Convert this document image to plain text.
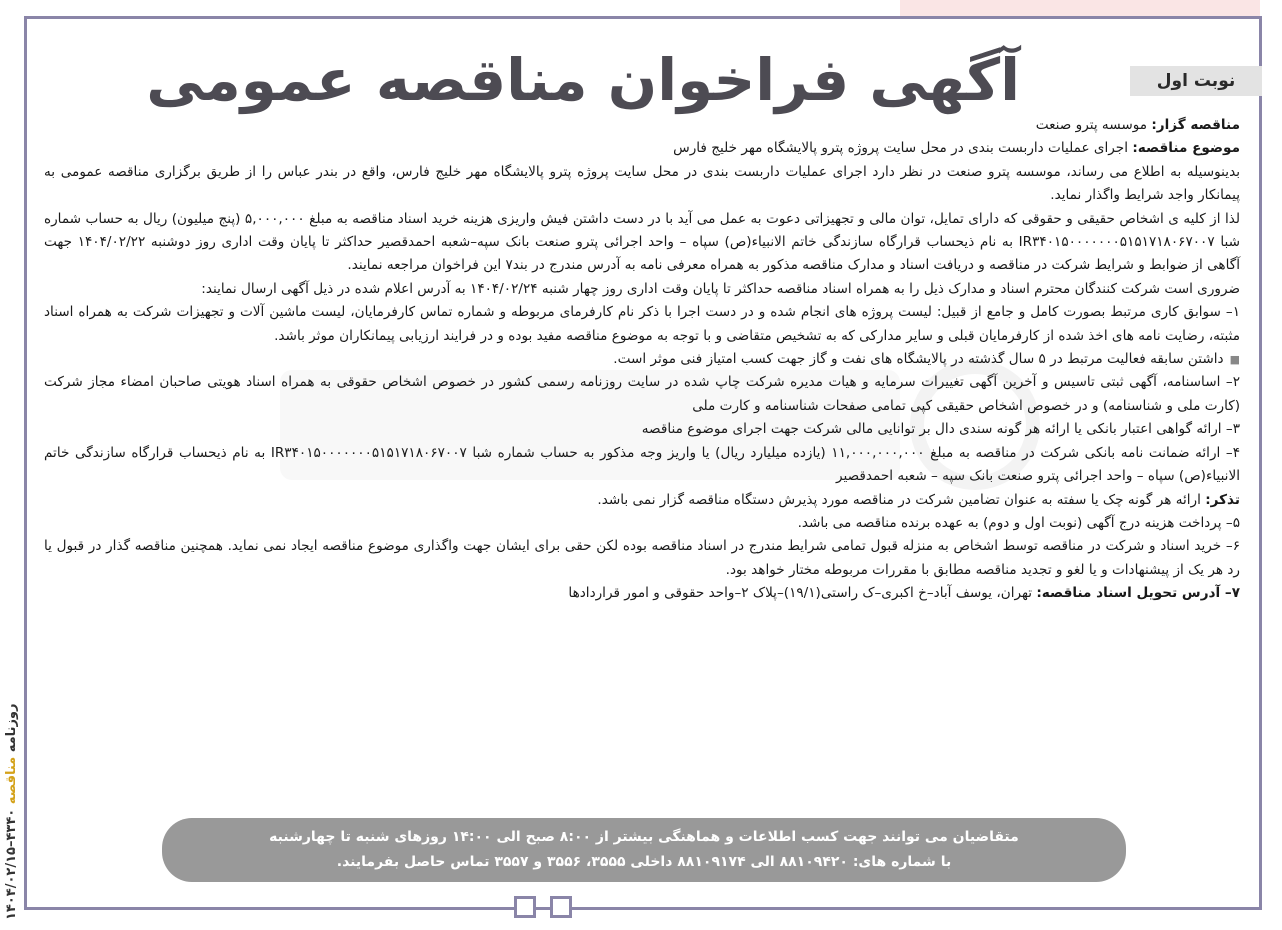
آگهی فراخوان مناقصه عمومی	نوبت اول

مناقصه گزار: موسسه پترو صنعت

موضوع مناقصه: اجرای عملیات داربست بندی در محل سایت پروژه پترو پالایشگاه مهر خلیج فارس

بدینوسیله به اطلاع می رساند، موسسه پترو صنعت در نظر دارد اجرای عملیات داربست بندی در محل سایت پروژه پترو پالایشگاه مهر خلیج فارس، واقع در بندر عباس را از طریق برگزاری مناقصه عمومی به پیمانکار واجد شرایط واگذار نماید.

لذا از کلیه ی اشخاص حقیقی و حقوقی که دارای تمایل، توان مالی و تجهیزاتی دعوت به عمل می آید با در دست داشتن فیش واریزی هزینه خرید اسناد مناقصه به مبلغ ۵,۰۰۰,۰۰۰ (پنج میلیون) ریال به حساب شماره شبا IR۳۴۰۱۵۰۰۰۰۰۰۰۵۱۵۱۷۱۸۰۶۷۰۰۷ به نام ذیحساب قرارگاه سازندگی خاتم الانبیاء(ص) سپاه – واحد اجرائی پترو صنعت بانک سپه–شعبه احمدقصیر حداکثر تا پایان وقت اداری روز دوشنبه ۱۴۰۴/۰۲/۲۲ جهت آگاهی از ضوابط و شرایط شرکت در مناقصه و دریافت اسناد و مدارک مناقصه مذکور به همراه معرفی نامه به آدرس مندرج در بند۷ این فراخوان مراجعه نمایند.

ضروری است شرکت کنندگان محترم اسناد و مدارک ذیل را به همراه اسناد مناقصه حداکثر تا پایان وقت اداری روز چهار شنبه ۱۴۰۴/۰۲/۲۴ به آدرس اعلام شده در ذیل آگهی ارسال نمایند:

۱– سوابق کاری مرتبط بصورت کامل و جامع از قبیل: لیست پروژه های انجام شده و در دست اجرا با ذکر نام کارفرمای مربوطه و شماره تماس کارفرمایان، لیست ماشین آلات و تجهیزات شرکت به همراه اسناد مثبته، رضایت نامه های اخذ شده از کارفرمایان قبلی و سایر مدارکی که به تشخیص متقاضی و با توجه به موضوع مناقصه مفید بوده و در فرایند ارزیابی پیمانکاران موثر باشد.

■ داشتن سابقه فعالیت مرتبط در ۵ سال گذشته در پالایشگاه های نفت و گاز جهت کسب امتیاز فنی موثر است.

۲– اساسنامه، آگهی ثبتی تاسیس و آخرین آگهی تغییرات سرمایه و هیات مدیره شرکت چاپ شده در سایت روزنامه رسمی کشور در خصوص اشخاص حقوقی به همراه اسناد هویتی صاحبان امضاء مجاز شرکت (کارت ملی و شناسنامه) و در خصوص اشخاص حقیقی کپی تمامی صفحات شناسنامه و کارت ملی

۳– ارائه گواهی اعتبار بانکی یا ارائه هر گونه سندی دال بر توانایی مالی شرکت جهت اجرای موضوع مناقصه

۴– ارائه ضمانت نامه بانکی شرکت در مناقصه به مبلغ ۱۱,۰۰۰,۰۰۰,۰۰۰ (یازده میلیارد ریال) یا واریز وجه مذکور به حساب شماره شبا IR۳۴۰۱۵۰۰۰۰۰۰۰۵۱۵۱۷۱۸۰۶۷۰۰۷ به نام ذیحساب قرارگاه سازندگی خاتم الانبیاء(ص) سپاه – واحد اجرائی پترو صنعت بانک سپه – شعبه احمدقصیر

تذکر: ارائه هر گونه چک یا سفته به عنوان تضامین شرکت در مناقصه مورد پذیرش دستگاه مناقصه گزار نمی باشد.

۵– پرداخت هزینه درج آگهی (نوبت اول و دوم) به عهده برنده مناقصه می باشد.

۶– خرید اسناد و شرکت در مناقصه توسط اشخاص به منزله قبول تمامی شرایط مندرج در اسناد مناقصه بوده لکن حقی برای ایشان جهت واگذاری موضوع مناقصه ایجاد نمی نماید. همچنین مناقصه گذار در قبول یا رد هر یک از پیشنهادات و یا لغو و تجدید مناقصه مطابق با مقررات مربوطه مختار خواهد بود.

۷– آدرس تحویل اسناد مناقصه: تهران، یوسف آباد–خ اکبری–ک راستی(۱۹/۱)–پلاک ۲–واحد حقوقی و امور قراردادها

متقاضیان می توانند جهت کسب اطلاعات و هماهنگی بیشتر از ۸:۰۰ صبح الی ۱۴:۰۰ روزهای شنبه تا چهارشنبه
با شماره های: ۸۸۱۰۹۴۲۰ الی ۸۸۱۰۹۱۷۴ داخلی ۳۵۵۵، ۳۵۵۶ و ۳۵۵۷ تماس حاصل بفرمایند.
روزنامه مناقصه ۴۳۴۰–۱۴۰۴/۰۲/۱۵
